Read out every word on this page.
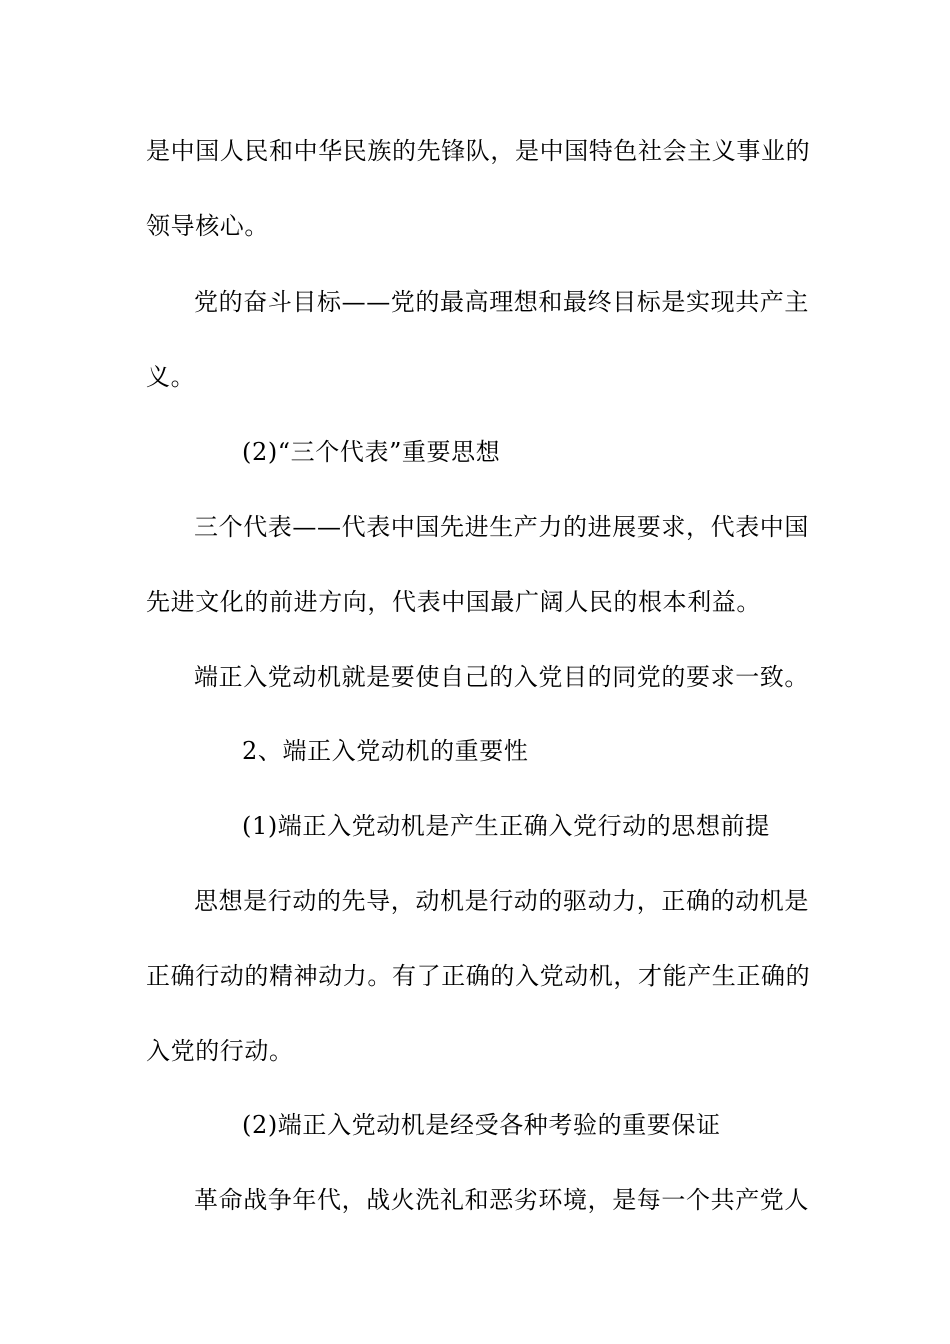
是中国人民和中华民族的先锋队，是中国特色社会主义事业的
领导核心。
党的奋斗目标——党的最高理想和最终目标是实现共产主
义。
(2)“三个代表”重要思想
三个代表——代表中国先进生产力的进展要求，代表中国
先进文化的前进方向，代表中国最广阔人民的根本利益。
端正入党动机就是要使自己的入党目的同党的要求一致。
2、端正入党动机的重要性
(1)端正入党动机是产生正确入党行动的思想前提
思想是行动的先导，动机是行动的驱动力，正确的动机是
正确行动的精神动力。有了正确的入党动机，才能产生正确的
入党的行动。
(2)端正入党动机是经受各种考验的重要保证
革命战争年代，战火洗礼和恶劣环境，是每一个共产党人
